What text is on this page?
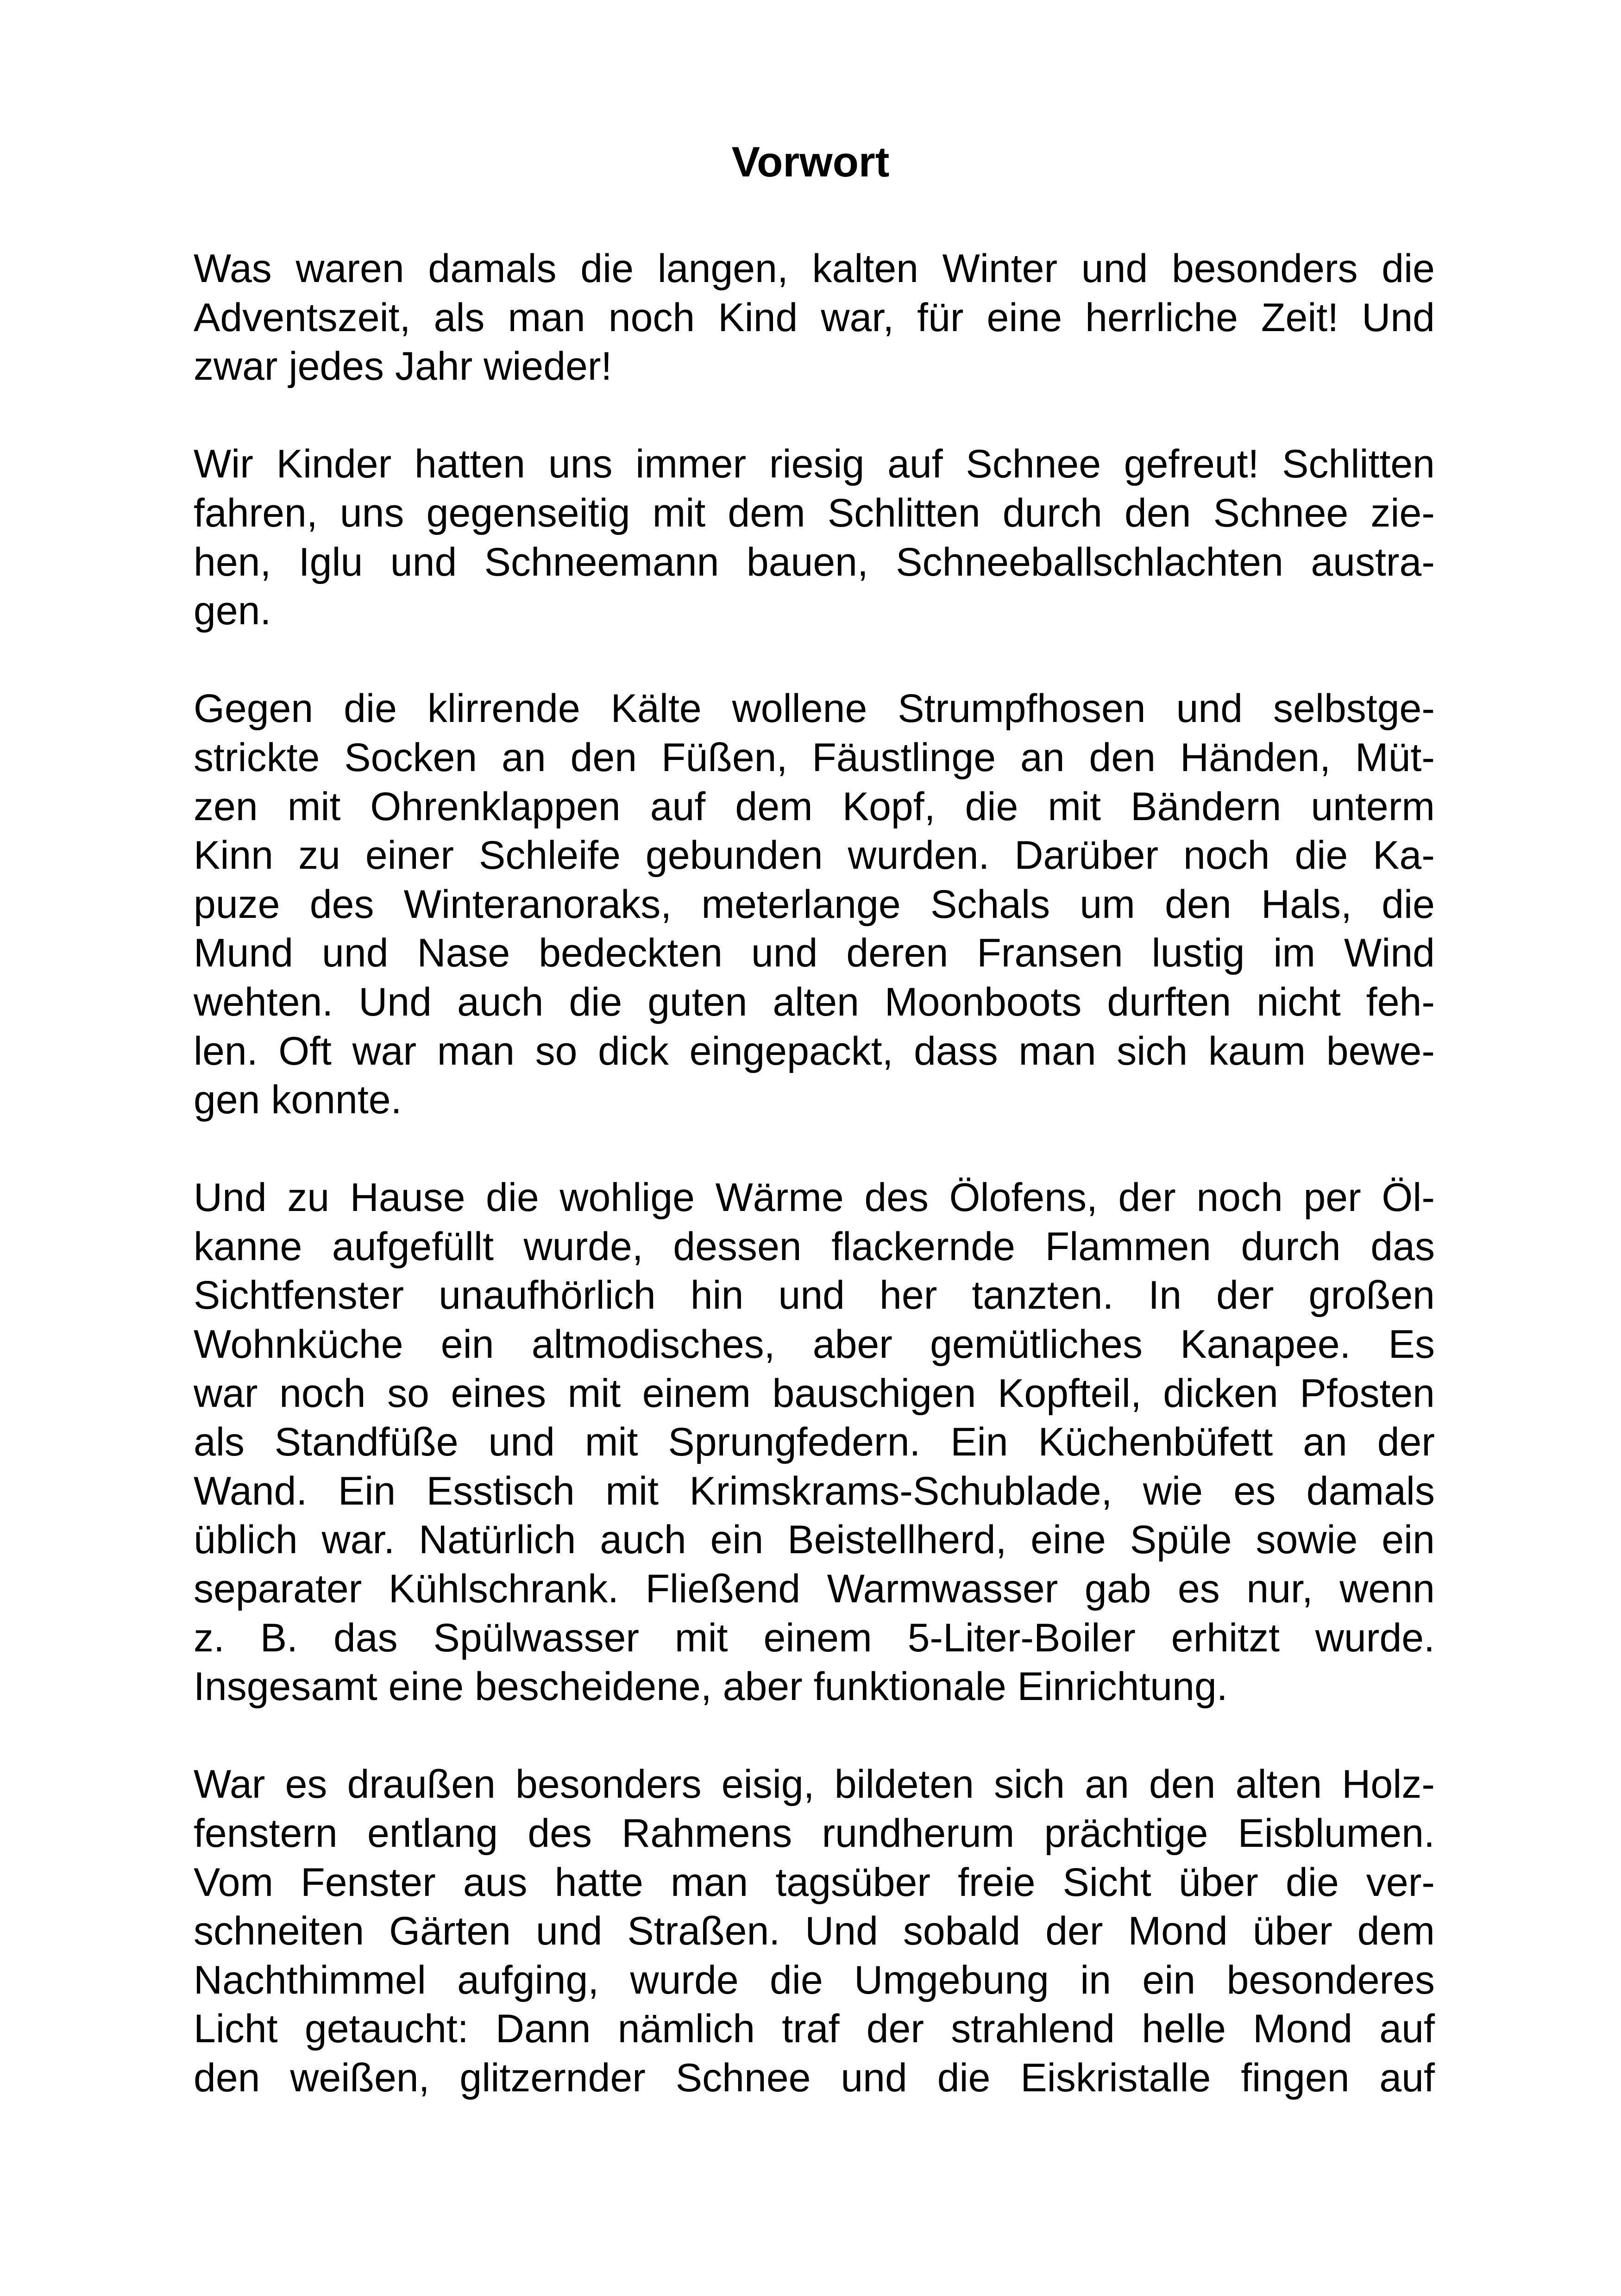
Vorwort
Was waren damals die langen, kalten Winter und besonders die
Adventszeit, als man noch Kind war, für eine herrliche Zeit! Und
zwar jedes Jahr wieder!
Wir Kinder hatten uns immer riesig auf Schnee gefreut! Schlitten
fahren, uns gegenseitig mit dem Schlitten durch den Schnee zie-
hen, Iglu und Schneemann bauen, Schneeballschlachten austra-
gen.
Gegen die klirrende Kälte wollene Strumpfhosen und selbstge-
strickte Socken an den Füßen, Fäustlinge an den Händen, Müt-
zen mit Ohrenklappen auf dem Kopf, die mit Bändern unterm
Kinn zu einer Schleife gebunden wurden. Darüber noch die Ka-
puze des Winteranoraks, meterlange Schals um den Hals, die
Mund und Nase bedeckten und deren Fransen lustig im Wind
wehten. Und auch die guten alten Moonboots durften nicht feh-
len. Oft war man so dick eingepackt, dass man sich kaum bewe-
gen konnte.
Und zu Hause die wohlige Wärme des Ölofens, der noch per Öl-
kanne aufgefüllt wurde, dessen flackernde Flammen durch das
Sichtfenster unaufhörlich hin und her tanzten. In der großen
Wohnküche ein altmodisches, aber gemütliches Kanapee. Es
war noch so eines mit einem bauschigen Kopfteil, dicken Pfosten
als Standfüße und mit Sprungfedern. Ein Küchenbüfett an der
Wand. Ein Esstisch mit Krimskrams-Schublade, wie es damals
üblich war. Natürlich auch ein Beistellherd, eine Spüle sowie ein
separater Kühlschrank. Fließend Warmwasser gab es nur, wenn
z. B. das Spülwasser mit einem 5-Liter-Boiler erhitzt wurde.
Insgesamt eine bescheidene, aber funktionale Einrichtung.
War es draußen besonders eisig, bildeten sich an den alten Holz-
fenstern entlang des Rahmens rundherum prächtige Eisblumen.
Vom Fenster aus hatte man tagsüber freie Sicht über die ver-
schneiten Gärten und Straßen. Und sobald der Mond über dem
Nachthimmel aufging, wurde die Umgebung in ein besonderes
Licht getaucht: Dann nämlich traf der strahlend helle Mond auf
den weißen, glitzernder Schnee und die Eiskristalle fingen auf
